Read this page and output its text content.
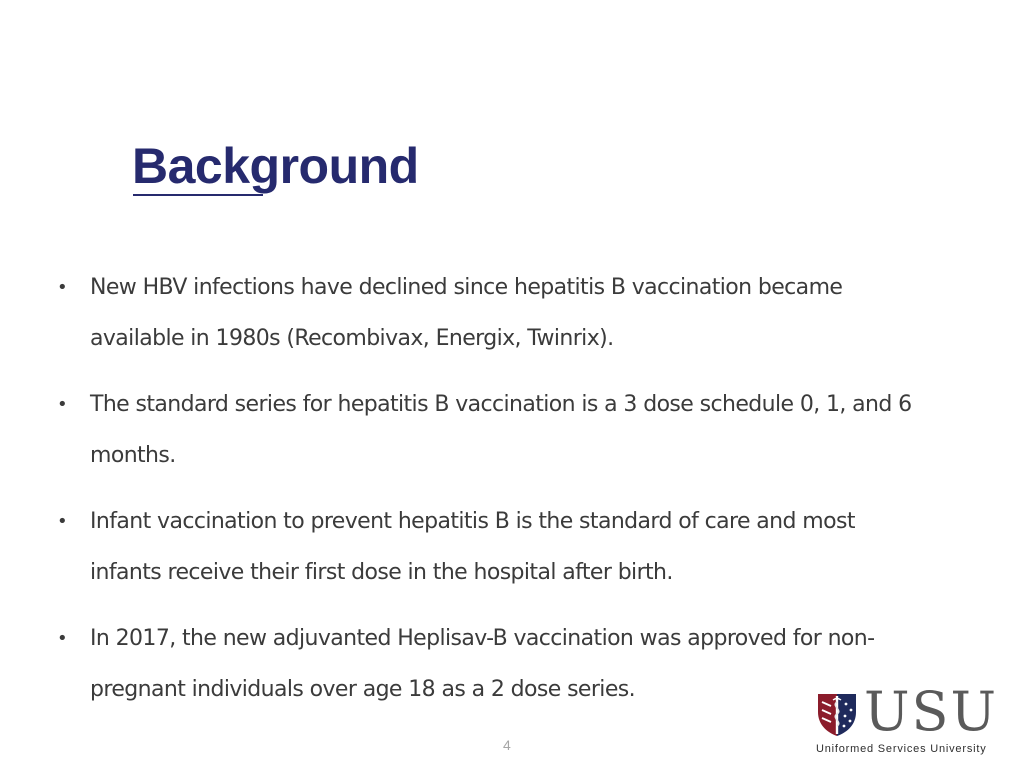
Background
• New HBV infections have declined since hepatitis B vaccination became available in 1980s (Recombivax, Energix, Twinrix).
• The standard series for hepatitis B vaccination is a 3 dose schedule 0, 1, and 6 months.
• Infant vaccination to prevent hepatitis B is the standard of care and most infants receive their first dose in the hospital after birth.
• In 2017, the new adjuvanted Heplisav-B vaccination was approved for non-pregnant individuals over age 18 as a 2 dose series.
4
USU
Uniformed Services University
